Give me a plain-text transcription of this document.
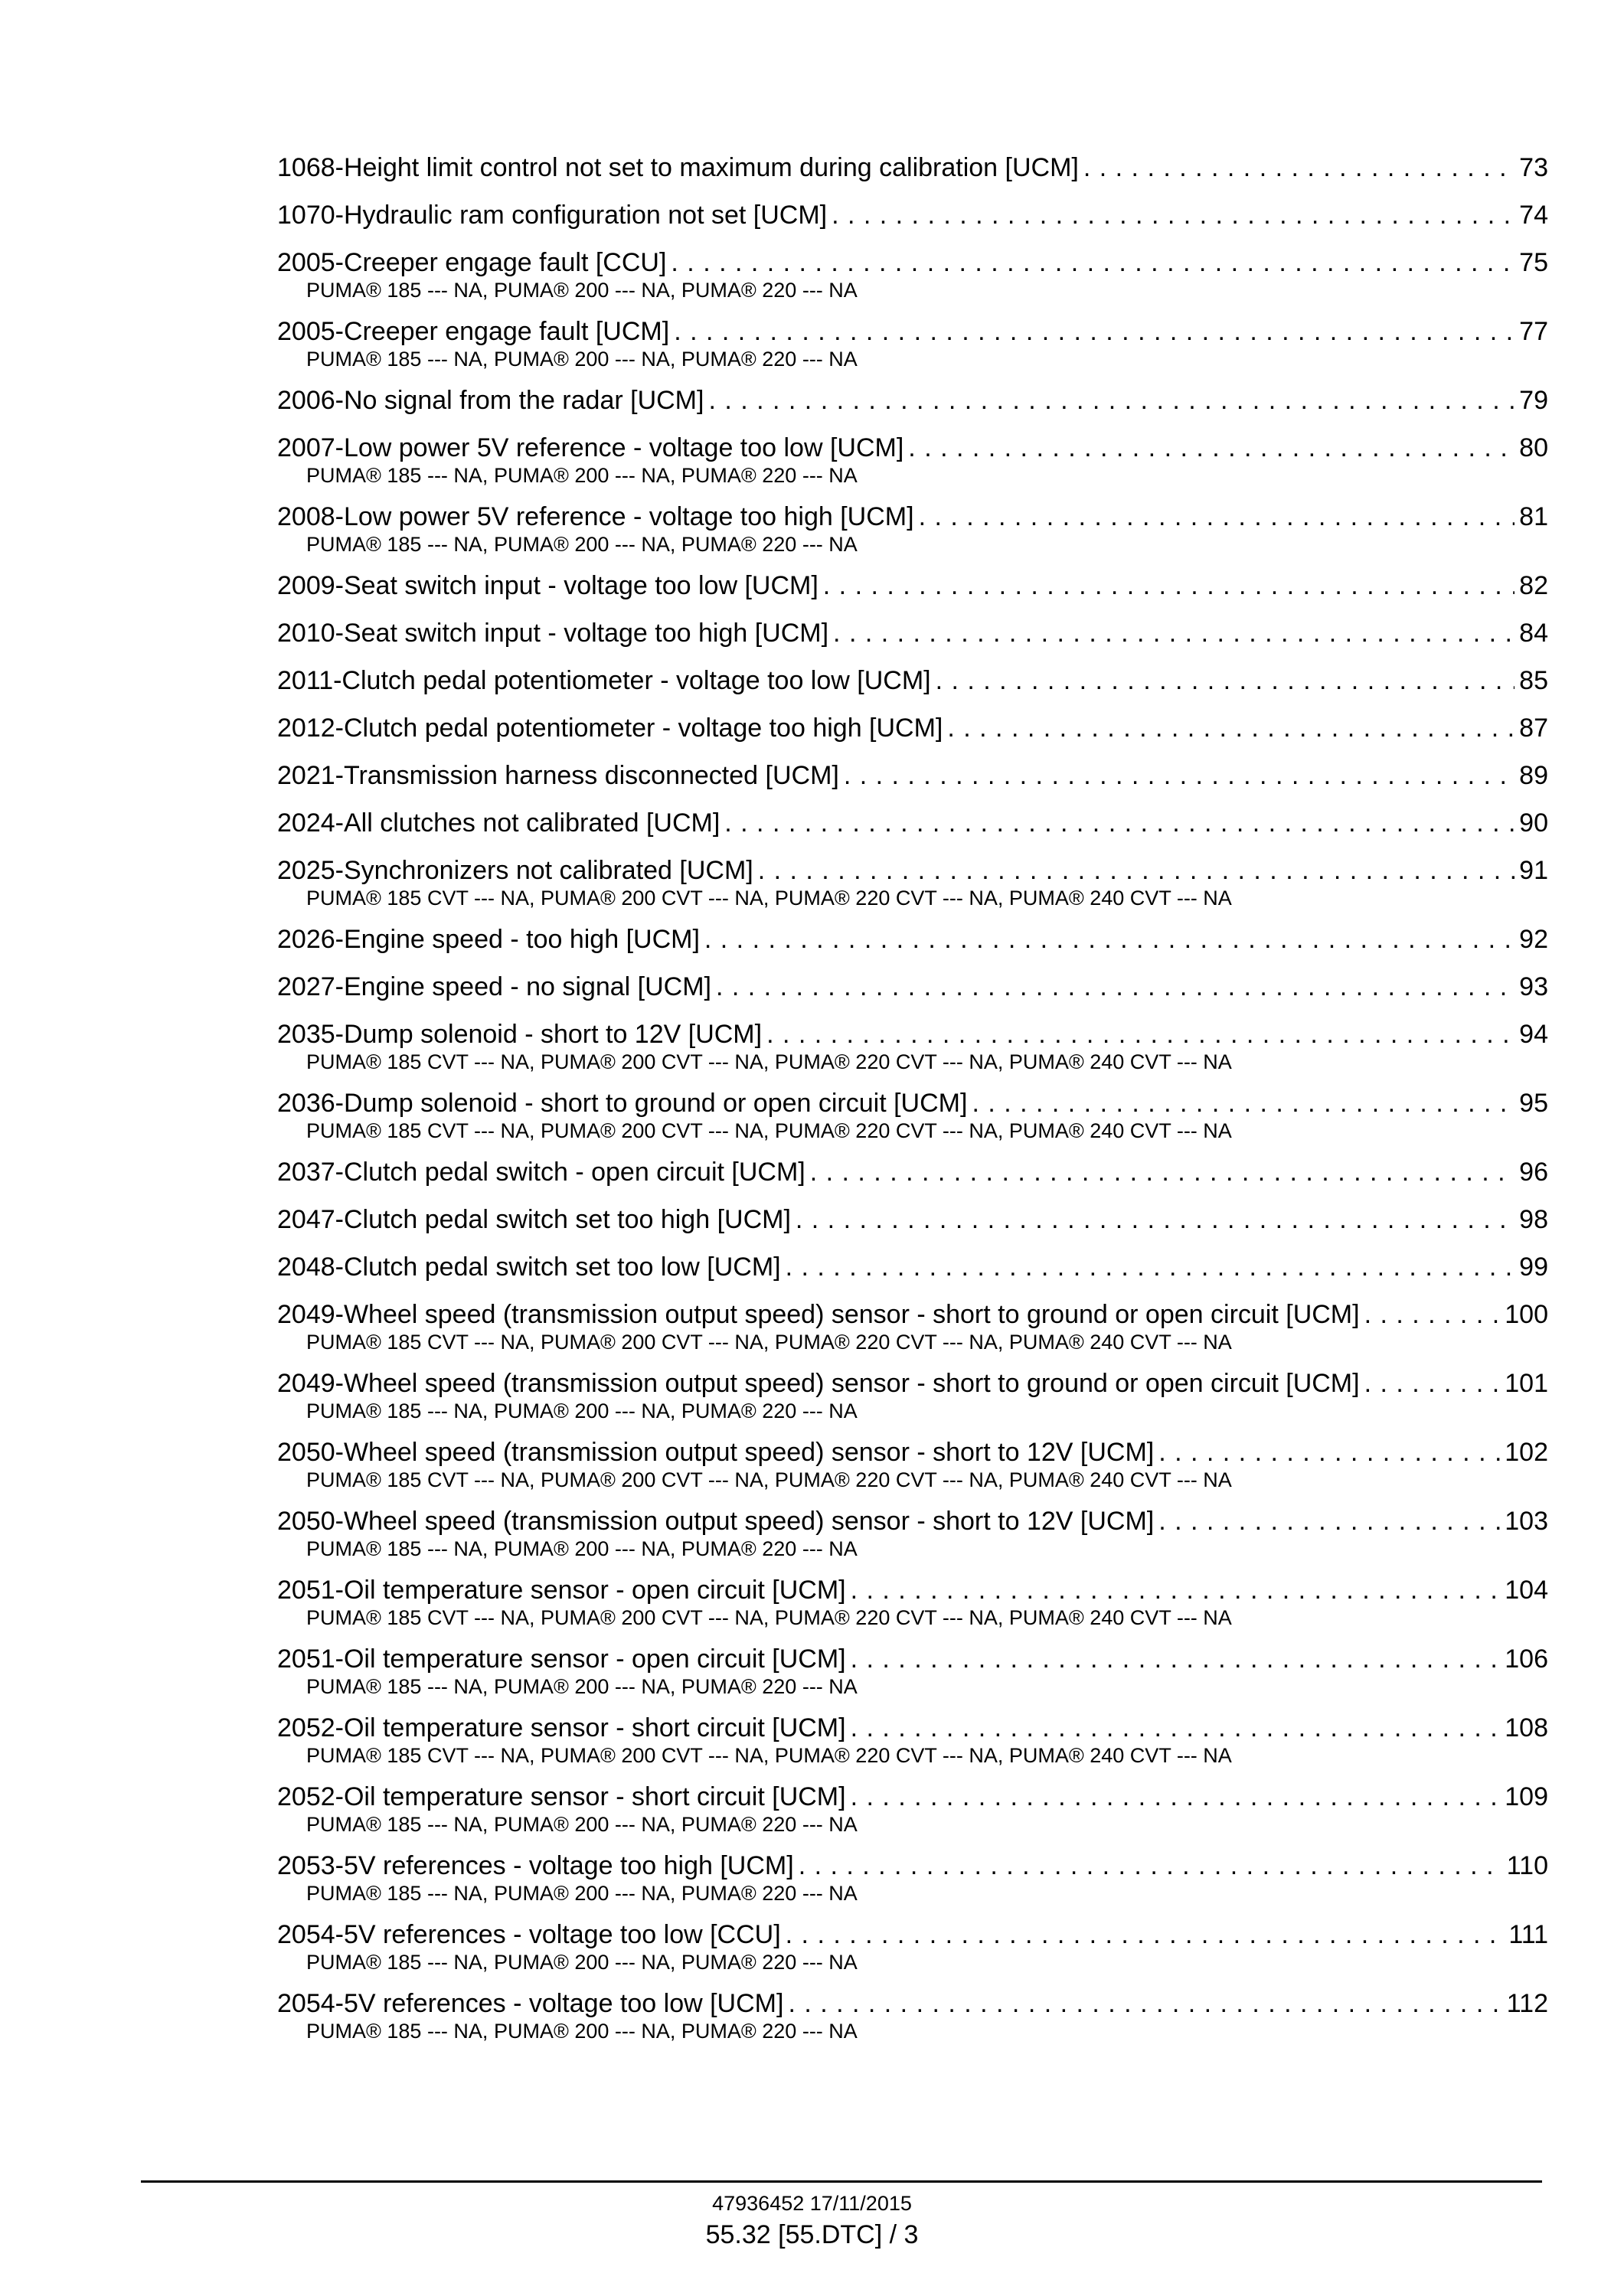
1068-Height limit control not set to maximum during calibration [UCM] . . .	73
1070-Hydraulic ram configuration not set [UCM] . . .	74
2005-Creeper engage fault [CCU] . . .	75
PUMA® 185 --- NA, PUMA® 200 --- NA, PUMA® 220 --- NA
2005-Creeper engage fault [UCM] . . .	77
PUMA® 185 --- NA, PUMA® 200 --- NA, PUMA® 220 --- NA
2006-No signal from the radar [UCM] . . .	79
2007-Low power 5V reference - voltage too low [UCM] . . .	80
PUMA® 185 --- NA, PUMA® 200 --- NA, PUMA® 220 --- NA
2008-Low power 5V reference - voltage too high [UCM] . . .	81
PUMA® 185 --- NA, PUMA® 200 --- NA, PUMA® 220 --- NA
2009-Seat switch input - voltage too low [UCM] . . .	82
2010-Seat switch input - voltage too high [UCM] . . .	84
2011-Clutch pedal potentiometer - voltage too low [UCM] . . .	85
2012-Clutch pedal potentiometer - voltage too high [UCM] . . .	87
2021-Transmission harness disconnected [UCM] . . .	89
2024-All clutches not calibrated [UCM] . . .	90
2025-Synchronizers not calibrated [UCM] . . .	91
PUMA® 185 CVT --- NA, PUMA® 200 CVT --- NA, PUMA® 220 CVT --- NA, PUMA® 240 CVT --- NA
2026-Engine speed - too high [UCM] . . .	92
2027-Engine speed - no signal [UCM] . . .	93
2035-Dump solenoid - short to 12V [UCM] . . .	94
PUMA® 185 CVT --- NA, PUMA® 200 CVT --- NA, PUMA® 220 CVT --- NA, PUMA® 240 CVT --- NA
2036-Dump solenoid - short to ground or open circuit [UCM] . . .	95
PUMA® 185 CVT --- NA, PUMA® 200 CVT --- NA, PUMA® 220 CVT --- NA, PUMA® 240 CVT --- NA
2037-Clutch pedal switch - open circuit [UCM] . . .	96
2047-Clutch pedal switch set too high [UCM] . . .	98
2048-Clutch pedal switch set too low [UCM] . . .	99
2049-Wheel speed (transmission output speed) sensor - short to ground or open circuit [UCM] . . .	100
PUMA® 185 CVT --- NA, PUMA® 200 CVT --- NA, PUMA® 220 CVT --- NA, PUMA® 240 CVT --- NA
2049-Wheel speed (transmission output speed) sensor - short to ground or open circuit [UCM] . . .	101
PUMA® 185 --- NA, PUMA® 200 --- NA, PUMA® 220 --- NA
2050-Wheel speed (transmission output speed) sensor - short to 12V [UCM] . . .	102
PUMA® 185 CVT --- NA, PUMA® 200 CVT --- NA, PUMA® 220 CVT --- NA, PUMA® 240 CVT --- NA
2050-Wheel speed (transmission output speed) sensor - short to 12V [UCM] . . .	103
PUMA® 185 --- NA, PUMA® 200 --- NA, PUMA® 220 --- NA
2051-Oil temperature sensor - open circuit [UCM] . . .	104
PUMA® 185 CVT --- NA, PUMA® 200 CVT --- NA, PUMA® 220 CVT --- NA, PUMA® 240 CVT --- NA
2051-Oil temperature sensor - open circuit [UCM] . . .	106
PUMA® 185 --- NA, PUMA® 200 --- NA, PUMA® 220 --- NA
2052-Oil temperature sensor - short circuit [UCM] . . .	108
PUMA® 185 CVT --- NA, PUMA® 200 CVT --- NA, PUMA® 220 CVT --- NA, PUMA® 240 CVT --- NA
2052-Oil temperature sensor - short circuit [UCM] . . .	109
PUMA® 185 --- NA, PUMA® 200 --- NA, PUMA® 220 --- NA
2053-5V references - voltage too high [UCM] . . .	110
PUMA® 185 --- NA, PUMA® 200 --- NA, PUMA® 220 --- NA
2054-5V references - voltage too low [CCU] . . .	111
PUMA® 185 --- NA, PUMA® 200 --- NA, PUMA® 220 --- NA
2054-5V references - voltage too low [UCM] . . .	112
PUMA® 185 --- NA, PUMA® 200 --- NA, PUMA® 220 --- NA
47936452 17/11/2015
55.32 [55.DTC] / 3
